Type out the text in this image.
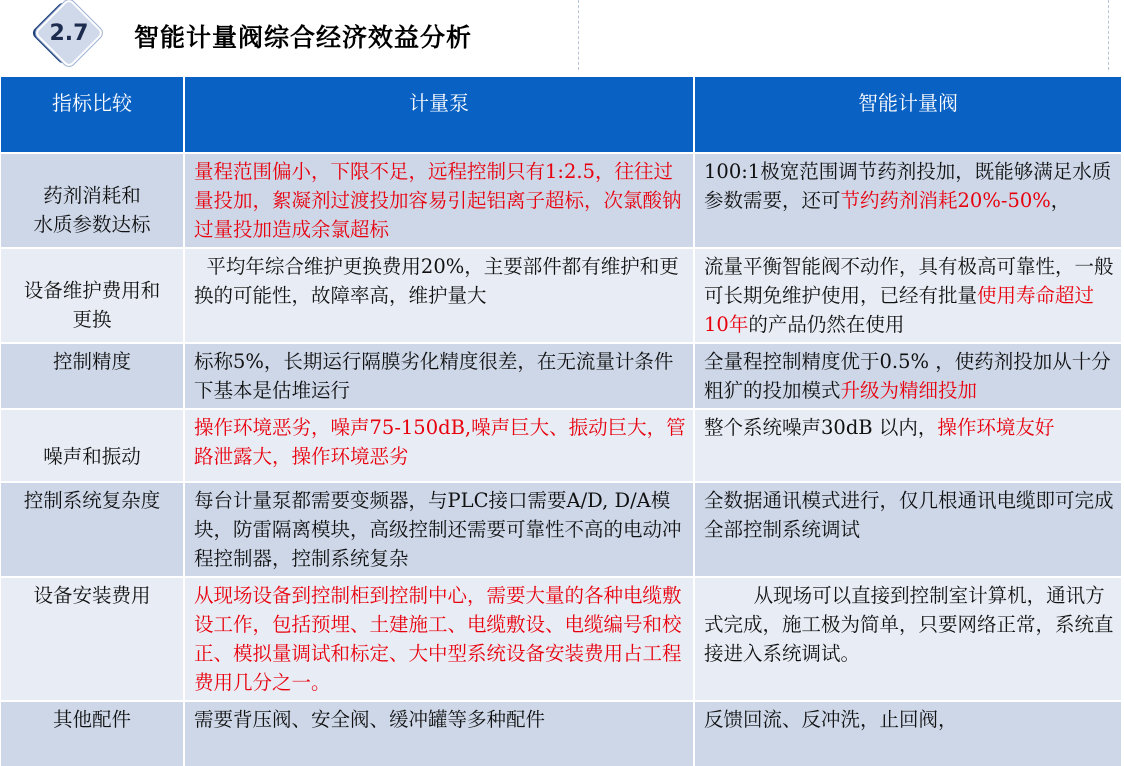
2.7	智能计量阀综合经济效益分析
指标比较	计量泵	智能计量阀

药剂消耗和
水质参数达标	量程范围偏小，下限不足，远程控制只有1:2.5，往往过量投加，絮凝剂过渡投加容易引起铝离子超标，次氯酸钠过量投加造成余氯超标	100:1极宽范围调节药剂投加，既能够满足水质参数需要，还可节约药剂消耗20%-50%，

设备维护费用和
更换	平均年综合维护更换费用20%，主要部件都有维护和更换的可能性，故障率高，维护量大	流量平衡智能阀不动作，具有极高可靠性，一般可长期免维护使用，已经有批量使用寿命超过10年的产品仍然在使用

控制精度	标称5%，长期运行隔膜劣化精度很差，在无流量计条件下基本是估堆运行	全量程控制精度优于0.5% ，使药剂投加从十分粗犷的投加模式升级为精细投加

噪声和振动	操作环境恶劣，噪声75-150dB,噪声巨大、振动巨大，管路泄露大，操作环境恶劣	整个系统噪声30dB 以内，操作环境友好

控制系统复杂度	每台计量泵都需要变频器，与PLC接口需要A/D, D/A模块，防雷隔离模块，高级控制还需要可靠性不高的电动冲程控制器，控制系统复杂	全数据通讯模式进行，仅几根通讯电缆即可完成全部控制系统调试

设备安装费用	从现场设备到控制柜到控制中心，需要大量的各种电缆敷设工作，包括预埋、土建施工、电缆敷设、电缆编号和校正、模拟量调试和标定、大中型系统设备安装费用占工程费用几分之一。	从现场可以直接到控制室计算机，通讯方式完成，施工极为简单，只要网络正常，系统直接进入系统调试。

其他配件	需要背压阀、安全阀、缓冲罐等多种配件	反馈回流、反冲洗，止回阀，
